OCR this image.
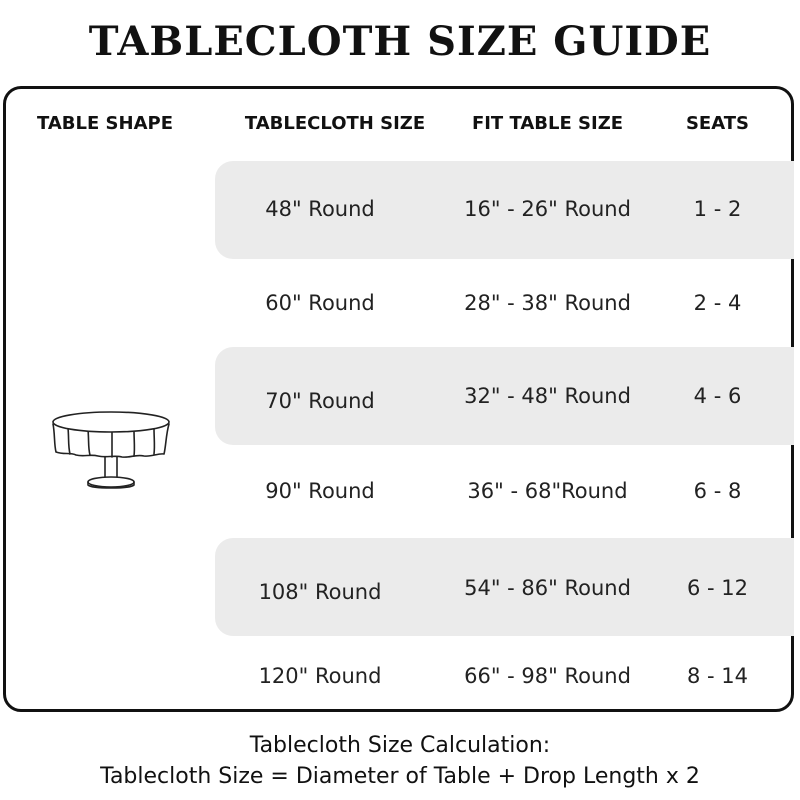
TABLECLOTH SIZE GUIDE
TABLE SHAPE	TABLECLOTH SIZE	FIT TABLE SIZE	SEATS
48" Round	16" - 26" Round	1 - 2
60" Round	28" - 38" Round	2 - 4
70" Round	32" - 48" Round	4 - 6
90" Round	36" - 68"Round	6 - 8
108" Round	54" - 86" Round	6 - 12
120" Round	66" - 98" Round	8 - 14
Tablecloth Size Calculation:
Tablecloth Size = Diameter of Table + Drop Length x 2
